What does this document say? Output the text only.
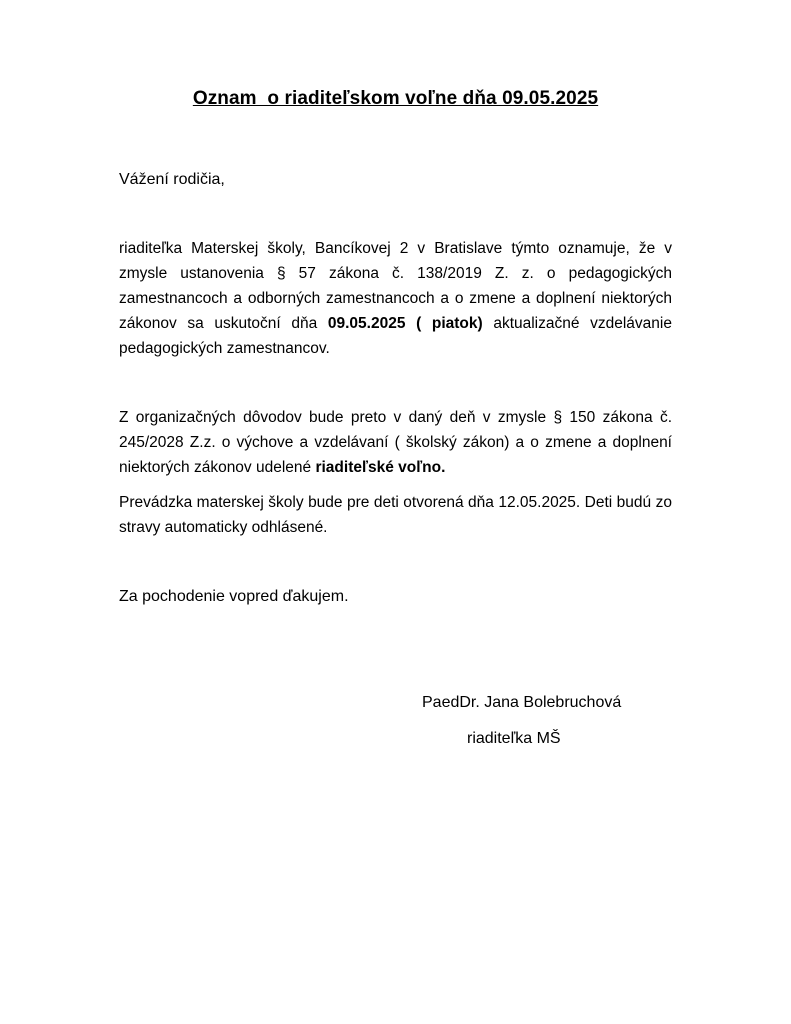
Oznam  o riaditeľskom voľne dňa 09.05.2025
Vážení rodičia,
riaditeľka Materskej školy, Bancíkovej 2 v Bratislave týmto oznamuje, že v zmysle ustanovenia § 57 zákona č. 138/2019 Z. z. o pedagogických zamestnancoch a odborných zamestnancoch a o zmene a doplnení niektorých zákonov sa uskutoční dňa 09.05.2025 ( piatok) aktualizačné vzdelávanie pedagogických zamestnancov.
Z organizačných dôvodov bude preto v daný deň v zmysle § 150 zákona č. 245/2028 Z.z. o výchove a vzdelávaní ( školský zákon) a o zmene a doplnení niektorých zákonov udelené riaditeľské voľno.
Prevádzka materskej školy bude pre deti otvorená dňa 12.05.2025. Deti budú zo stravy automaticky odhlásené.
Za pochodenie vopred ďakujem.
PaedDr. Jana Bolebruchová
riaditeľka MŠ
